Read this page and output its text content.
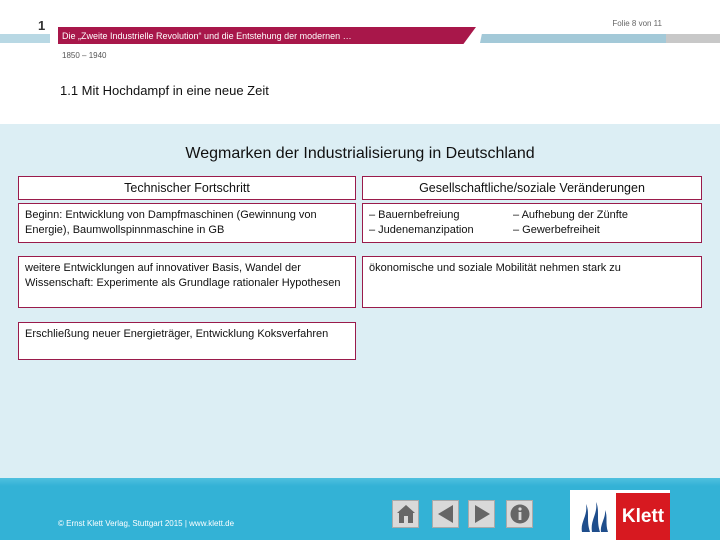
1
Die „Zweite Industrielle Revolution“ und die Entstehung der modernen …
Folie 8 von 11
1850 – 1940
1.1 Mit Hochdampf in eine neue Zeit
Wegmarken der Industrialisierung in Deutschland
Technischer Fortschritt	Gesellschaftliche/soziale Veränderungen
Beginn: Entwicklung von Dampfmaschinen (Gewinnung von Energie), Baumwollspinnmaschine in GB
weitere Entwicklungen auf innovativer Basis, Wandel der Wissenschaft: Experimente als Grundlage rationaler Hypothesen
Erschließung neuer Energieträger, Entwicklung Koksverfahren
– Bauernbefreiung
– Judenemanzipation
– Aufhebung der Zünfte
– Gewerbefreiheit
ökonomische und soziale Mobilität nehmen stark zu
© Ernst Klett Verlag, Stuttgart 2015 | www.klett.de	Klett
